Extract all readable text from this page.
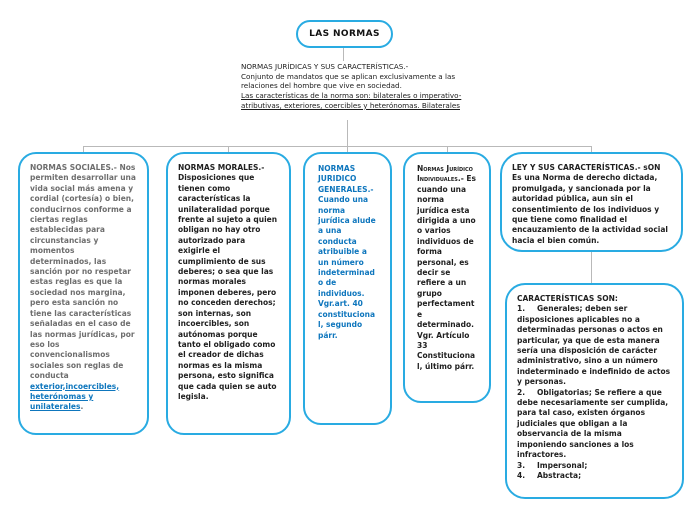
LAS NORMAS
NORMAS JURÍDICAS Y SUS CARACTERÍSTICAS.-
Conjunto de mandatos que se aplican exclusivamente a las relaciones del hombre que vive en sociedad.
Las características de la norma son: bilaterales o imperativo- atributivas, exteriores, coercibles y heterónomas. Bilaterales
NORMAS SOCIALES.- Nos permiten desarrollar una vida social más amena y cordial (cortesía) o bien, conducirnos conforme a ciertas reglas establecidas para circunstancias y momentos determinados, las sanción por no respetar estas reglas es que la sociedad nos margina, pero esta sanción no tiene las características señaladas en el caso de las normas jurídicas, por eso los convencionalismos sociales son reglas de conducta exterior,incoercibles, heterónomas y unilaterales.
NORMAS MORALES.- Disposiciones que tienen como características la unilateralidad porque frente al sujeto a quien obligan no hay otro autorizado para exigirle el cumplimiento de sus deberes; o sea que las normas morales imponen deberes, pero no conceden derechos; son internas, son incoercibles, son autónomas porque tanto el obligado como el creador de dichas normas es la misma persona, esto significa que cada quien se auto legisla.
NORMAS JURIDICO GENERALES.- Cuando una norma jurídica alude a una conducta atribuible a un número indeterminado de individuos. Vgr.art. 40 constitucional, segundo párr.
Normas Jurídico Individuales.- Es cuando una norma jurídica esta dirigida a uno o varios individuos de forma personal, es decir se refiere a un grupo perfectamente determinado. Vgr. Artículo 33 Constitucional, último párr.
LEY Y SUS CARACTERÍSTICAS.- sON
Es una Norma de derecho dictada, promulgada, y sancionada por la autoridad pública, aun sin el consentimiento de los individuos y que tiene como finalidad el encauzamiento de la actividad social hacia el bien común.
CARACTERÍSTICAS SON:
1. Generales; deben ser disposiciones aplicables no a determinadas personas o actos en particular, ya que de esta manera sería una disposición de carácter administrativo, sino a un número indeterminado e indefinido de actos y personas.
2. Obligatorias; Se refiere a que debe necesariamente ser cumplida, para tal caso, existen órganos judiciales que obligan a la observancia de la misma imponiendo sanciones a los infractores.
3. Impersonal;
4. Abstracta;
